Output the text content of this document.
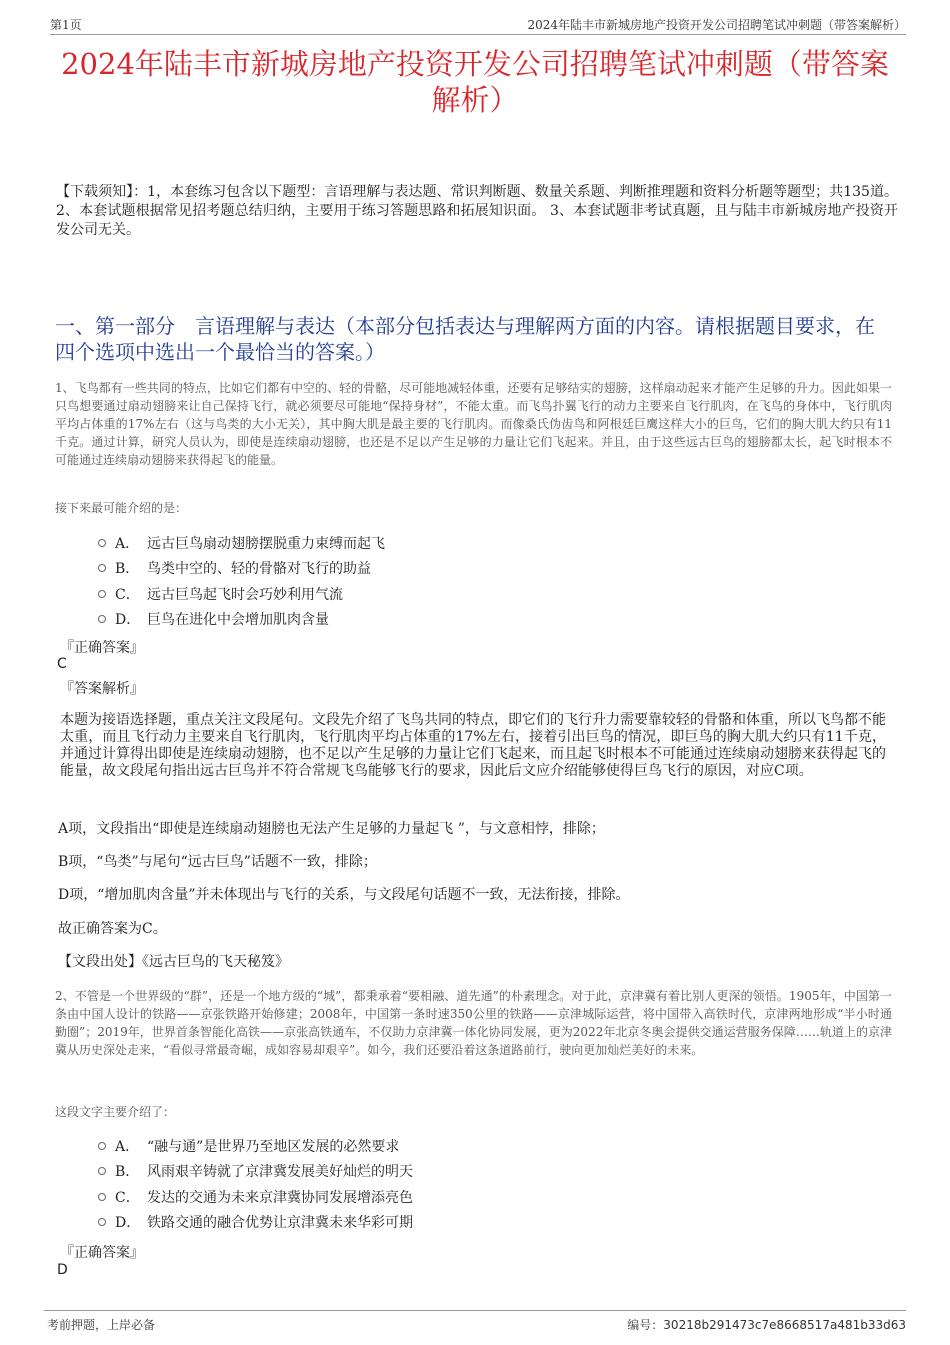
第1页	2024年陆丰市新城房地产投资开发公司招聘笔试冲刺题（带答案解析）
2024年陆丰市新城房地产投资开发公司招聘笔试冲刺题（带答案解析）
【下载须知】：1，本套练习包含以下题型：言语理解与表达题、常识判断题、数量关系题、判断推理题和资料分析题等题型；共135道。 2、本套试题根据常见招考题总结归纳，主要用于练习答题思路和拓展知识面。 3、本套试题非考试真题，且与陆丰市新城房地产投资开发公司无关。
一、第一部分　言语理解与表达（本部分包括表达与理解两方面的内容。请根据题目要求，在四个选项中选出一个最恰当的答案。）
1、飞鸟都有一些共同的特点，比如它们都有中空的、轻的骨骼，尽可能地减轻体重，还要有足够结实的翅膀，这样扇动起来才能产生足够的升力。因此如果一只鸟想要通过扇动翅膀来让自己保持飞行，就必须要尽可能地“保持身材”，不能太重。而飞鸟扑翼飞行的动力主要来自飞行肌肉，在飞鸟的身体中，飞行肌肉平均占体重的17%左右（这与鸟类的大小无关），其中胸大肌是最主要的飞行肌肉。而像桑氏伪齿鸟和阿根廷巨鹰这样大小的巨鸟，它们的胸大肌大约只有11千克。通过计算，研究人员认为，即使是连续扇动翅膀，也还是不足以产生足够的力量让它们飞起来。并且，由于这些远古巨鸟的翅膀都太长，起飞时根本不可能通过连续扇动翅膀来获得起飞的能量。
接下来最可能介绍的是：
A． 远古巨鸟扇动翅膀摆脱重力束缚而起飞
B． 鸟类中空的、轻的骨骼对飞行的助益
C． 远古巨鸟起飞时会巧妙利用气流
D． 巨鸟在进化中会增加肌肉含量
『正确答案』
C
『答案解析』
本题为接语选择题，重点关注文段尾句。文段先介绍了飞鸟共同的特点，即它们的飞行升力需要靠较轻的骨骼和体重，所以飞鸟都不能太重，而且飞行动力主要来自飞行肌肉，飞行肌肉平均占体重的17%左右，接着引出巨鸟的情况，即巨鸟的胸大肌大约只有11千克，并通过计算得出即使是连续扇动翅膀，也不足以产生足够的力量让它们飞起来，而且起飞时根本不可能通过连续扇动翅膀来获得起飞的能量，故文段尾句指出远古巨鸟并不符合常规飞鸟能够飞行的要求，因此后文应介绍能够使得巨鸟飞行的原因，对应C项。
A项，文段指出“即使是连续扇动翅膀也无法产生足够的力量起飞 ”，与文意相悖，排除；
B项，“鸟类”与尾句“远古巨鸟”话题不一致，排除；
D项，“增加肌肉含量”并未体现出与飞行的关系，与文段尾句话题不一致，无法衔接，排除。
故正确答案为C。
【文段出处】《远古巨鸟的飞天秘笈》
2、不管是一个世界级的“群”，还是一个地方级的“城”，都秉承着“要相融、道先通”的朴素理念。对于此，京津冀有着比别人更深的领悟。1905年，中国第一条由中国人设计的铁路——京张铁路开始修建；2008年，中国第一条时速350公里的铁路——京津城际运营，将中国带入高铁时代，京津两地形成“半小时通勤圈”；2019年，世界首条智能化高铁——京张高铁通车，不仅助力京津冀一体化协同发展，更为2022年北京冬奥会提供交通运营服务保障……轨道上的京津冀从历史深处走来，“看似寻常最奇崛，成如容易却艰辛”。如今，我们还要沿着这条道路前行，驶向更加灿烂美好的未来。
这段文字主要介绍了：
A． “融与通”是世界乃至地区发展的必然要求
B． 风雨艰辛铸就了京津冀发展美好灿烂的明天
C． 发达的交通为未来京津冀协同发展增添亮色
D． 铁路交通的融合优势让京津冀未来华彩可期
『正确答案』
D
考前押题，上岸必备	编号：30218b291473c7e8668517a481b33d63
